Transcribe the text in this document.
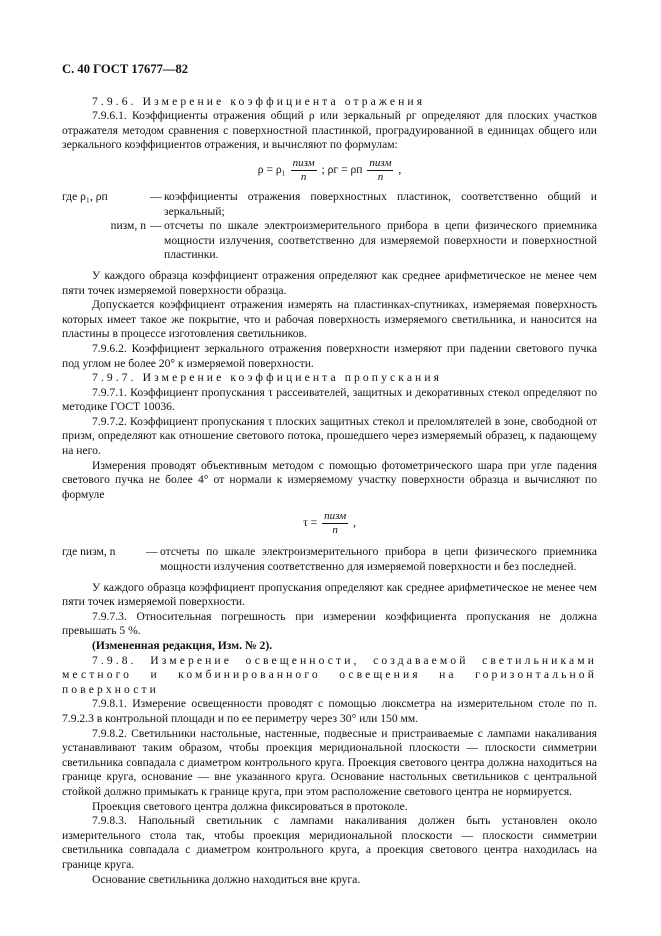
С. 40 ГОСТ 17677—82

7.9.6. Измерение коэффициента отражения

7.9.6.1. Коэффициенты отражения общий ρ или зеркальный ρг определяют для плоских участков отражателя методом сравнения с поверхностной пластинкой, проградуированной в единицах общего или зеркального коэффициентов отражения, и вычисляют по формулам:

$\rho = \rho_1 \frac{\text{nизм}}{n}$ ; ρг = ρп $\frac{\text{nизм}}{n}$ ,
где ρ₁, ρп	—	коэффициенты отражения поверхностных пластинок, соответственно общий и зеркальный;
nизм, n	—	отсчеты по шкале электроизмерительного прибора в цепи физического приемника мощности излучения, соответственно для измеряемой поверхности и поверхностной пластинки.

У каждого образца коэффициент отражения определяют как среднее арифметическое не менее чем пяти точек измеряемой поверхности образца.

Допускается коэффициент отражения измерять на пластинках-спутниках, измеряемая поверхность которых имеет такое же покрытие, что и рабочая поверхность измеряемого светильника, и наносится на пластины в процессе изготовления светильников.

7.9.6.2. Коэффициент зеркального отражения поверхности измеряют при падении светового пучка под углом не более 20° к измеряемой поверхности.

7.9.7. Измерение коэффициента пропускания

7.9.7.1. Коэффициент пропускания τ рассеивателей, защитных и декоративных стекол определяют по методике ГОСТ 10036.

7.9.7.2. Коэффициент пропускания τ плоских защитных стекол и преломлятелей в зоне, свободной от призм, определяют как отношение светового потока, прошедшего через измеряемый образец, к падающему на него.

Измерения проводят объективным методом с помощью фотометрического шара при угле падения светового пучка не более 4° от нормали к измеряемому участку поверхности образца и вычисляют по формуле

$\tau = \frac{\text{nизм}}{n}$ ,
где nизм, n	—	отсчеты по шкале электроизмерительного прибора в цепи физического приемника мощности излучения соответственно для измеряемой поверхности и без последней.

У каждого образца коэффициент пропускания определяют как среднее арифметическое не менее чем пяти точек измеряемой поверхности.

7.9.7.3. Относительная погрешность при измерении коэффициента пропускания не должна превышать 5 %.

(Измененная редакция, Изм. № 2).

7.9.8. Измерение освещенности, создаваемой светильниками местного и комбинированного освещения на горизонтальной поверхности

7.9.8.1. Измерение освещенности проводят с помощью люксметра на измерительном столе по п. 7.9.2.3 в контрольной площади и по ее периметру через 30° или 150 мм.

7.9.8.2. Светильники настольные, настенные, подвесные и пристраиваемые с лампами накаливания устанавливают таким образом, чтобы проекция меридиональной плоскости — плоскости симметрии светильника совпадала с диаметром контрольного круга. Проекция светового центра должна находиться на границе круга, основание — вне указанного круга. Основание настольных светильников с центральной стойкой должно примыкать к границе круга, при этом расположение светового центра не нормируется.

Проекция светового центра должна фиксироваться в протоколе.

7.9.8.3. Напольный светильник с лампами накаливания должен быть установлен около измерительного стола так, чтобы проекция меридиональной плоскости — плоскости симметрии светильника совпадала с диаметром контрольного круга, а проекция светового центра находилась на границе круга.

Основание светильника должно находиться вне круга.
